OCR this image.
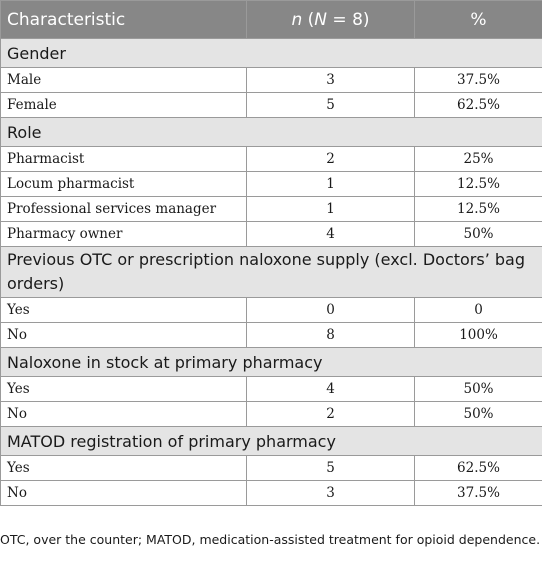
Characteristic	n (N = 8)	%
Gender		
Male	3	37.5%
Female	5	62.5%
Role		
Pharmacist	2	25%
Locum pharmacist	1	12.5%
Professional services manager	1	12.5%
Pharmacy owner	4	50%
Previous OTC or prescription naloxone supply (excl. Doctors’ bag orders)		
Yes	0	0
No	8	100%
Naloxone in stock at primary pharmacy		
Yes	4	50%
No	2	50%
MATOD registration of primary pharmacy		
Yes	5	62.5%
No	3	37.5%
OTC, over the counter; MATOD, medication-assisted treatment for opioid dependence.
